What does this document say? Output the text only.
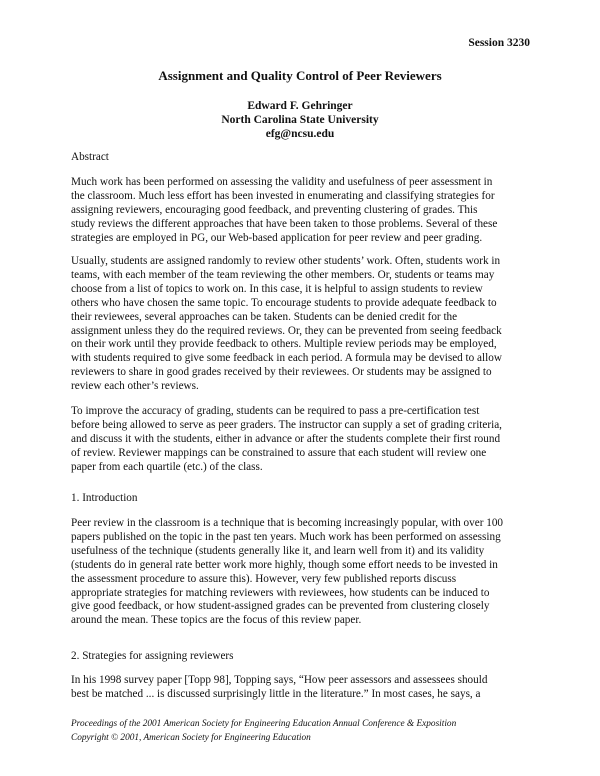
Session 3230
Assignment and Quality Control of Peer Reviewers
Edward F. Gehringer
North Carolina State University
efg@ncsu.edu
Abstract

Much work has been performed on assessing the validity and usefulness of peer assessment in
the classroom. Much less effort has been invested in enumerating and classifying strategies for
assigning reviewers, encouraging good feedback, and preventing clustering of grades. This
study reviews the different approaches that have been taken to those problems. Several of these
strategies are employed in PG, our Web-based application for peer review and peer grading.

Usually, students are assigned randomly to review other students’ work. Often, students work in
teams, with each member of the team reviewing the other members. Or, students or teams may
choose from a list of topics to work on. In this case, it is helpful to assign students to review
others who have chosen the same topic. To encourage students to provide adequate feedback to
their reviewees, several approaches can be taken. Students can be denied credit for the
assignment unless they do the required reviews. Or, they can be prevented from seeing feedback
on their work until they provide feedback to others. Multiple review periods may be employed,
with students required to give some feedback in each period. A formula may be devised to allow
reviewers to share in good grades received by their reviewees. Or students may be assigned to
review each other’s reviews.

To improve the accuracy of grading, students can be required to pass a pre-certification test
before being allowed to serve as peer graders. The instructor can supply a set of grading criteria,
and discuss it with the students, either in advance or after the students complete their first round
of review. Reviewer mappings can be constrained to assure that each student will review one
paper from each quartile (etc.) of the class.

1. Introduction

Peer review in the classroom is a technique that is becoming increasingly popular, with over 100
papers published on the topic in the past ten years. Much work has been performed on assessing
usefulness of the technique (students generally like it, and learn well from it) and its validity
(students do in general rate better work more highly, though some effort needs to be invested in
the assessment procedure to assure this). However, very few published reports discuss
appropriate strategies for matching reviewers with reviewees, how students can be induced to
give good feedback, or how student-assigned grades can be prevented from clustering closely
around the mean. These topics are the focus of this review paper.

2. Strategies for assigning reviewers

In his 1998 survey paper [Topp 98], Topping says, “How peer assessors and assessees should
best be matched ... is discussed surprisingly little in the literature.” In most cases, he says, a

Proceedings of the 2001 American Society for Engineering Education Annual Conference & Exposition
Copyright © 2001, American Society for Engineering Education
